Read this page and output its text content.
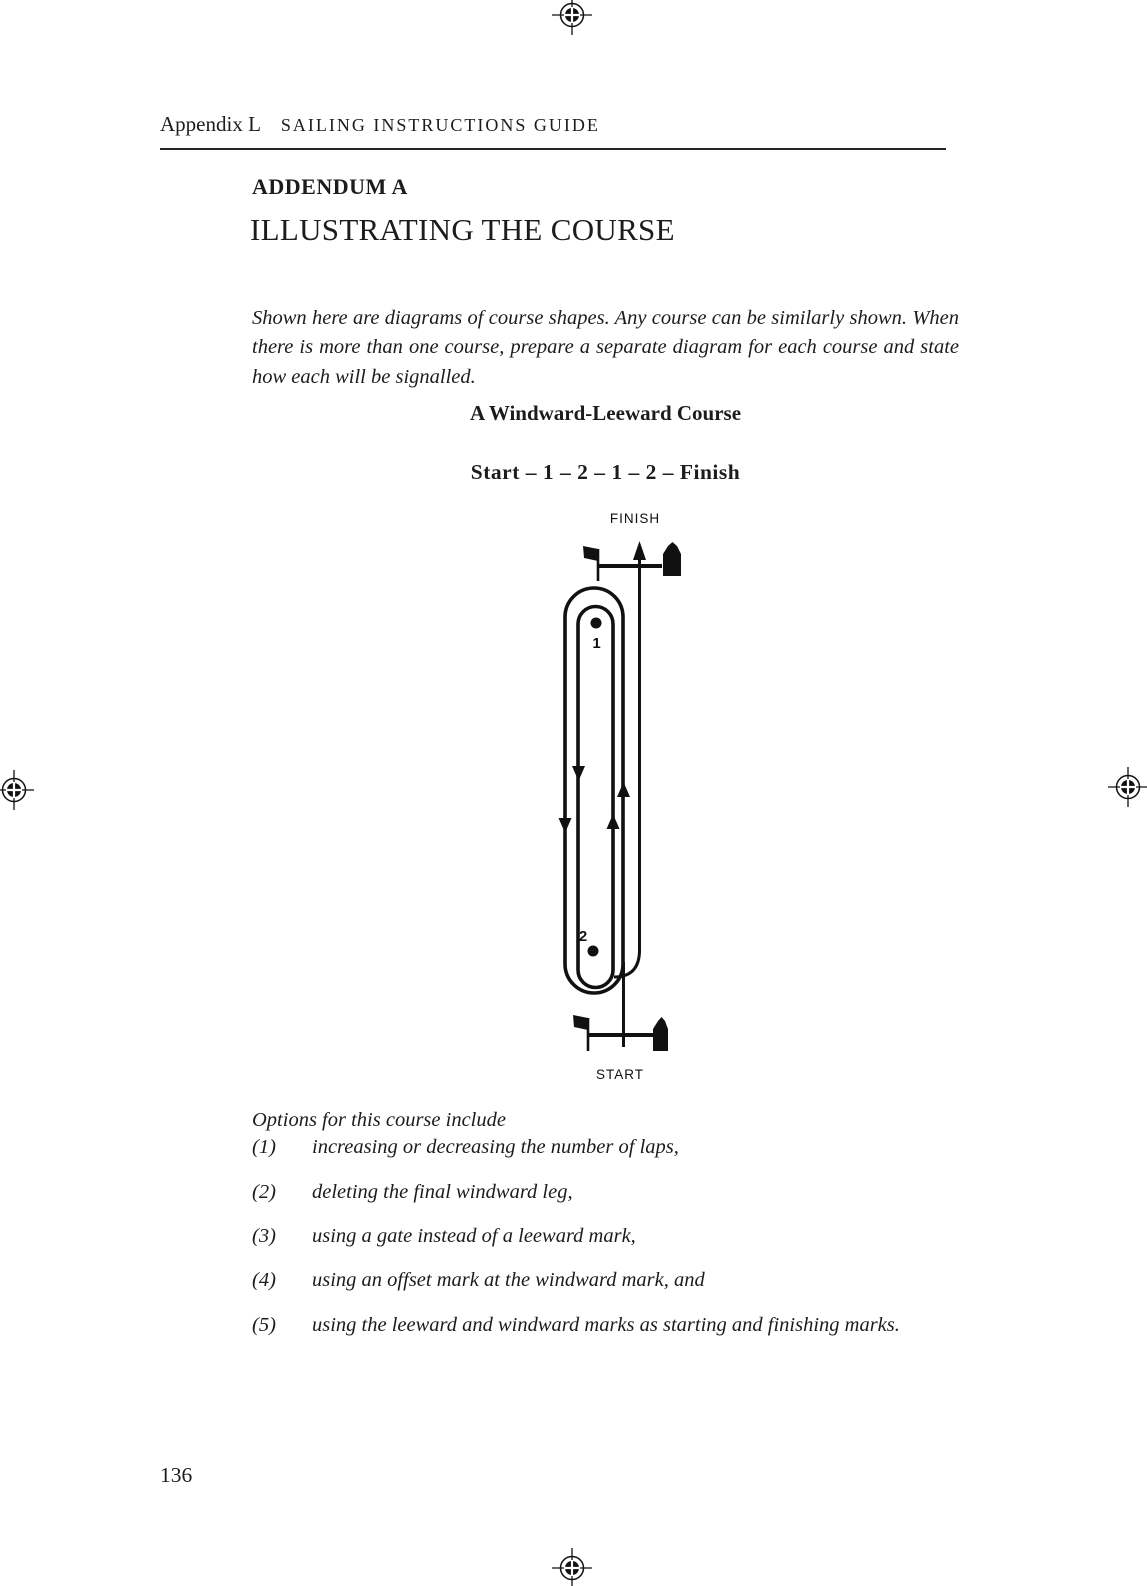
Appendix L SAILING INSTRUCTIONS GUIDE
ADDENDUM A
ILLUSTRATING THE COURSE

Shown here are diagrams of course shapes. Any course can be similarly shown. When there is more than one course, prepare a separate diagram for each course and state how each will be signalled.

A Windward-Leeward Course
Start – 1 – 2 – 1 – 2 – Finish
FINISH
1
2
START

Options for this course include

(1) increasing or decreasing the number of laps,
(2) deleting the final windward leg,
(3) using a gate instead of a leeward mark,
(4) using an offset mark at the windward mark, and
(5) using the leeward and windward marks as starting and finishing marks.
136
